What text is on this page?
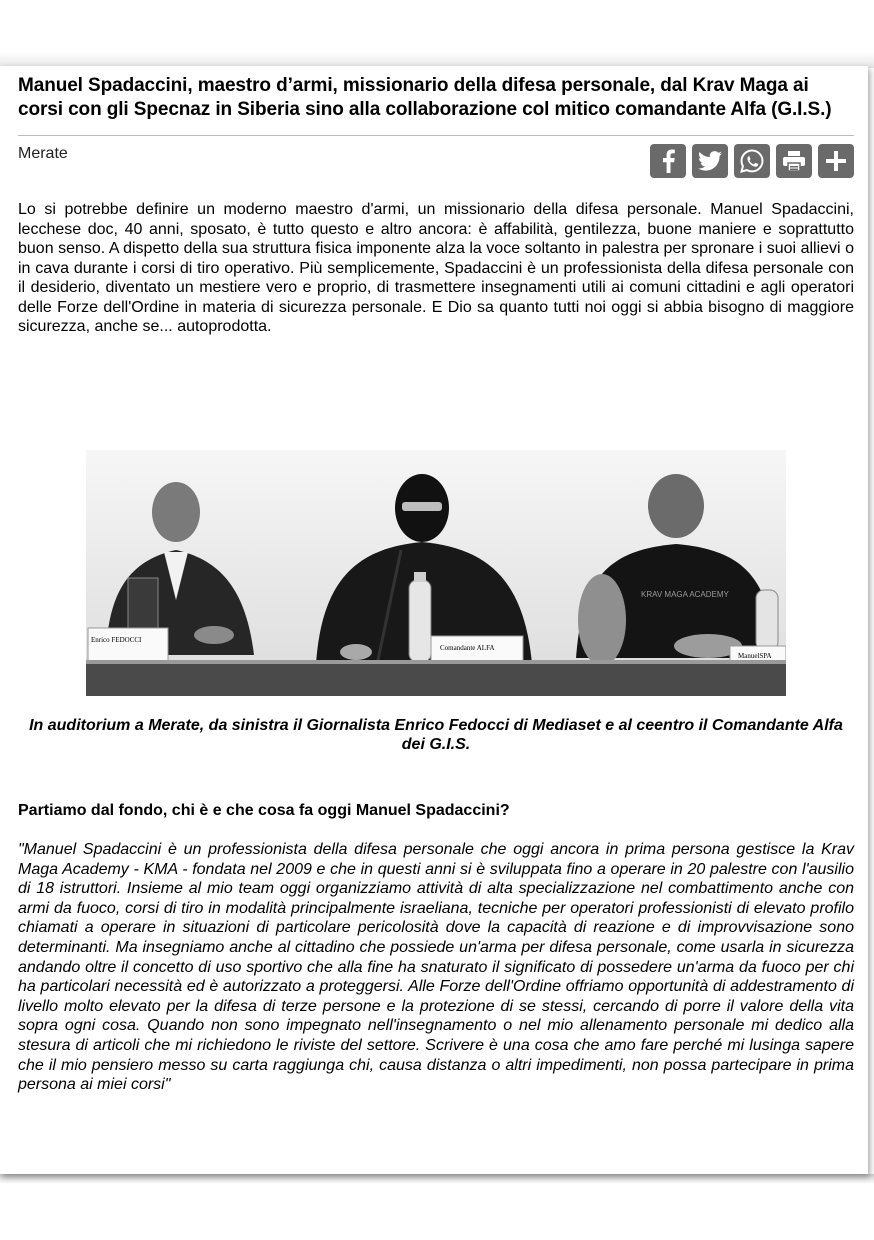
Manuel Spadaccini, maestro d’armi, missionario della difesa personale, dal Krav Maga ai corsi con gli Specnaz in Siberia sino alla collaborazione col mitico comandante Alfa (G.I.S.)
Merate

Lo si potrebbe definire un moderno maestro d'armi, un missionario della difesa personale. Manuel Spadaccini, lecchese doc, 40 anni, sposato, è tutto questo e altro ancora: è affabilità, gentilezza, buone maniere e soprattutto buon senso. A dispetto della sua struttura fisica imponente alza la voce soltanto in palestra per spronare i suoi allievi o in cava durante i corsi di tiro operativo. Più semplicemente, Spadaccini è un professionista della difesa personale con il desiderio, diventato un mestiere vero e proprio, di trasmettere insegnamenti utili ai comuni cittadini e agli operatori delle Forze dell'Ordine in materia di sicurezza personale. E Dio sa quanto tutti noi oggi si abbia bisogno di maggiore sicurezza, anche se... autoprodotta.

Enrico FEDOCCI
Comandante ALFA
ManuelSPA
KRAV MAGA ACADEMY

In auditorium a Merate, da sinistra il Giornalista Enrico Fedocci di Mediaset e al ceentro il Comandante Alfa dei G.I.S.

Partiamo dal fondo, chi è e che cosa fa oggi Manuel Spadaccini?

"Manuel Spadaccini è un professionista della difesa personale che oggi ancora in prima persona gestisce la Krav Maga Academy - KMA - fondata nel 2009 e che in questi anni si è sviluppata fino a operare in 20 palestre con l'ausilio di 18 istruttori. Insieme al mio team oggi organizziamo attività di alta specializzazione nel combattimento anche con armi da fuoco, corsi di tiro in modalità principalmente israeliana, tecniche per operatori professionisti di elevato profilo chiamati a operare in situazioni di particolare pericolosità dove la capacità di reazione e di improvvisazione sono determinanti. Ma insegniamo anche al cittadino che possiede un'arma per difesa personale, come usarla in sicurezza andando oltre il concetto di uso sportivo che alla fine ha snaturato il significato di possedere un'arma da fuoco per chi ha particolari necessità ed è autorizzato a proteggersi. Alle Forze dell'Ordine offriamo opportunità di addestramento di livello molto elevato per la difesa di terze persone e la protezione di se stessi, cercando di porre il valore della vita sopra ogni cosa. Quando non sono impegnato nell'insegnamento o nel mio allenamento personale mi dedico alla stesura di articoli che mi richiedono le riviste del settore. Scrivere è una cosa che amo fare perché mi lusinga sapere che il mio pensiero messo su carta raggiunga chi, causa distanza o altri impedimenti, non possa partecipare in prima persona ai miei corsi"
